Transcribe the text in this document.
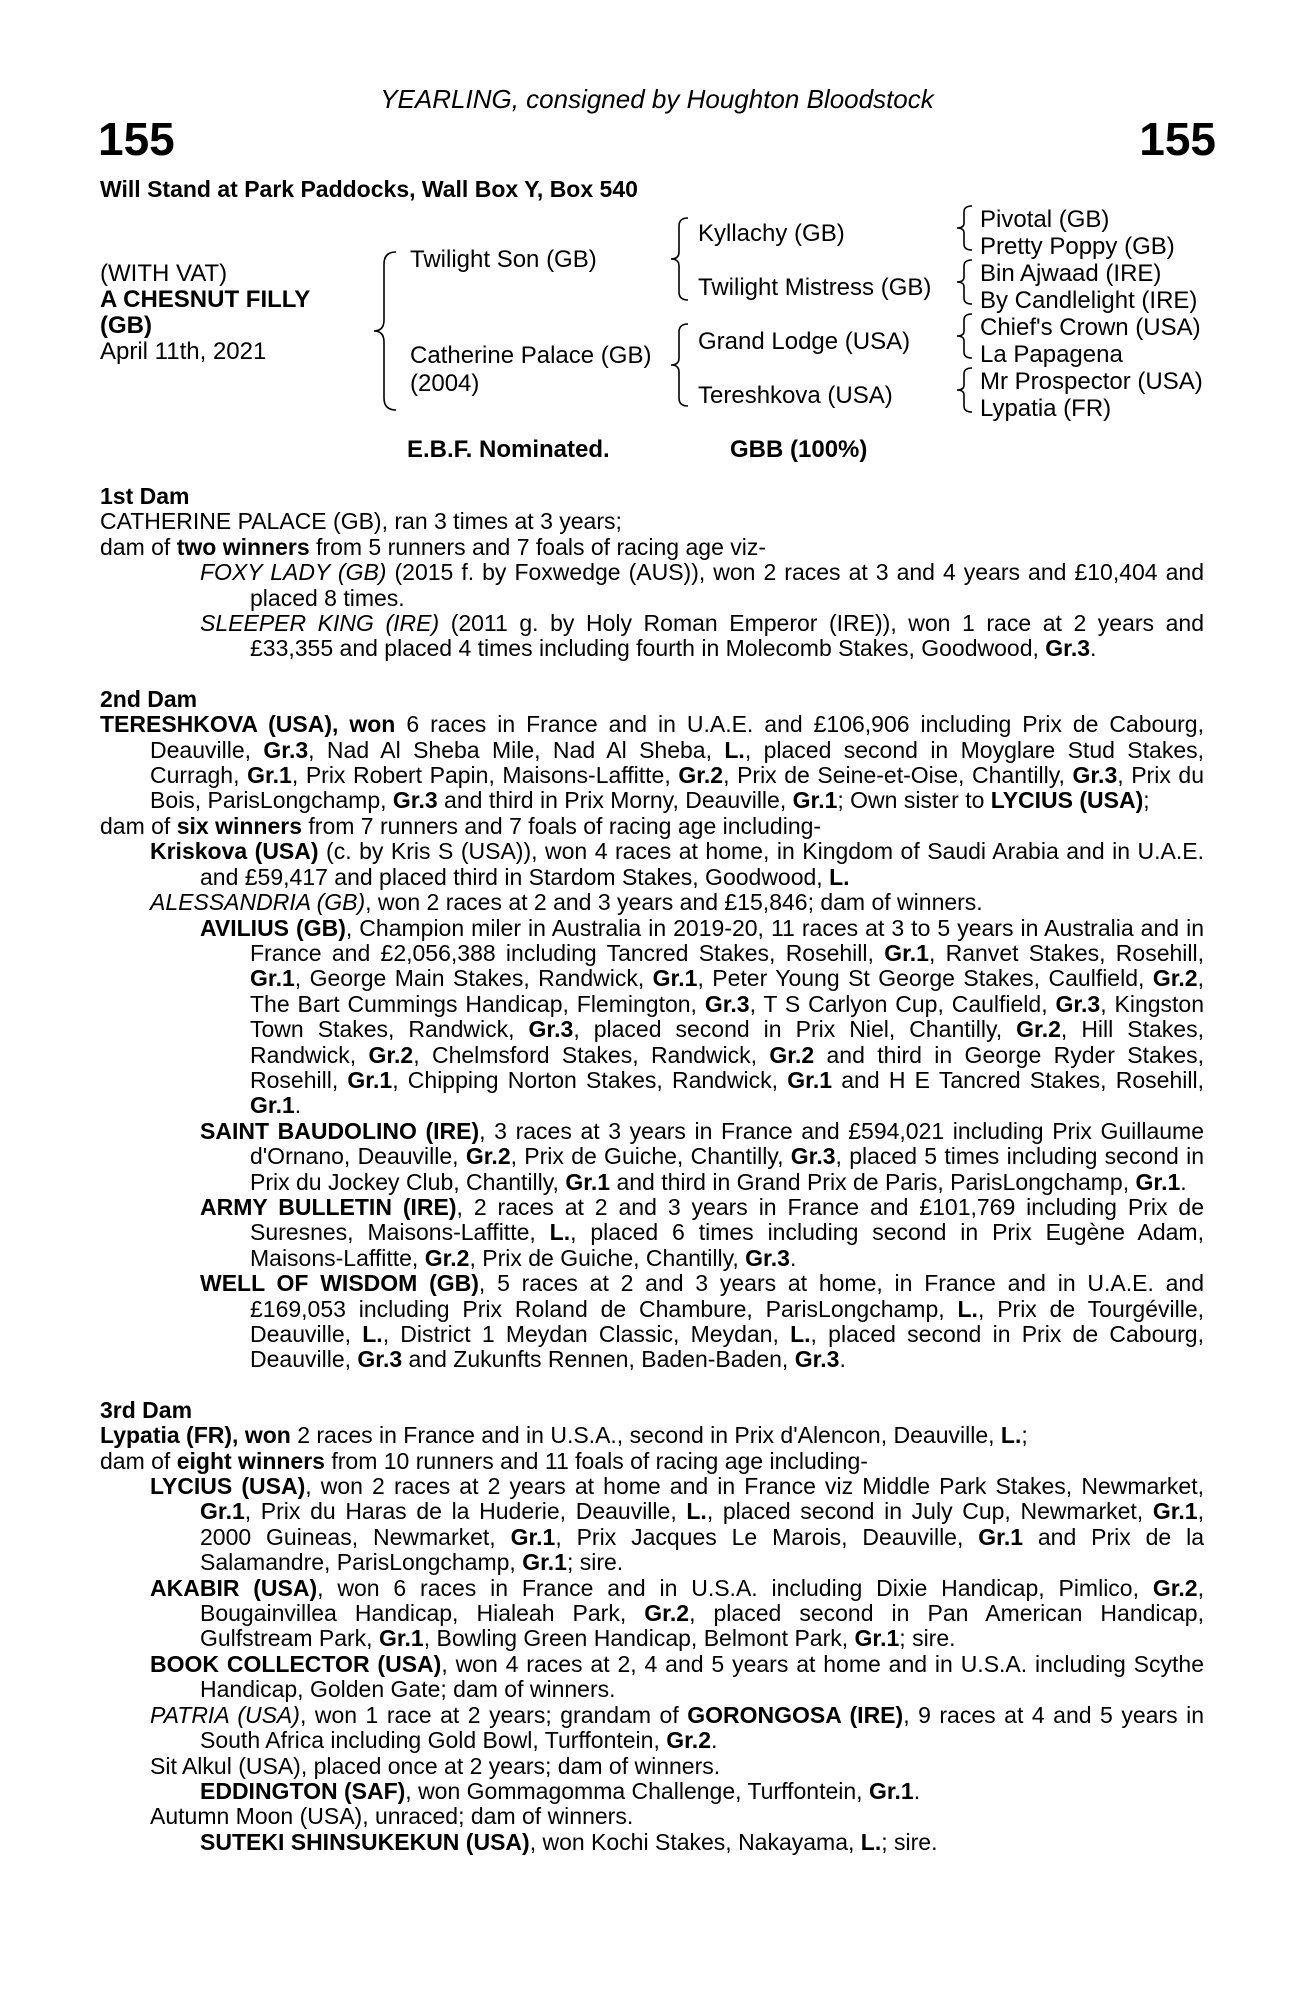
YEARLING, consigned by Houghton Bloodstock
155	155
Will Stand at Park Paddocks, Wall Box Y, Box 540
(WITH VAT)
A CHESNUT FILLY
(GB)
April 11th, 2021
Twilight Son (GB)
Catherine Palace (GB)
(2004)
Kyllachy (GB)
Twilight Mistress (GB)
Grand Lodge (USA)
Tereshkova (USA)
Pivotal (GB)
Pretty Poppy (GB)
Bin Ajwaad (IRE)
By Candlelight (IRE)
Chief's Crown (USA)
La Papagena
Mr Prospector (USA)
Lypatia (FR)
E.B.F. Nominated.	GBB (100%)

1st Dam

CATHERINE PALACE (GB), ran 3 times at 3 years;

dam of two winners from 5 runners and 7 foals of racing age viz-

FOXY LADY (GB) (2015 f. by Foxwedge (AUS)), won 2 races at 3 and 4 years and £10,404 and placed 8 times.

SLEEPER KING (IRE) (2011 g. by Holy Roman Emperor (IRE)), won 1 race at 2 years and £33,355 and placed 4 times including fourth in Molecomb Stakes, Goodwood, Gr.3.

2nd Dam

TERESHKOVA (USA), won 6 races in France and in U.A.E. and £106,906 including Prix de Cabourg, Deauville, Gr.3, Nad Al Sheba Mile, Nad Al Sheba, L., placed second in Moyglare Stud Stakes, Curragh, Gr.1, Prix Robert Papin, Maisons-Laffitte, Gr.2, Prix de Seine-et-Oise, Chantilly, Gr.3, Prix du Bois, ParisLongchamp, Gr.3 and third in Prix Morny, Deauville, Gr.1; Own sister to LYCIUS (USA);

dam of six winners from 7 runners and 7 foals of racing age including-

Kriskova (USA) (c. by Kris S (USA)), won 4 races at home, in Kingdom of Saudi Arabia and in U.A.E. and £59,417 and placed third in Stardom Stakes, Goodwood, L.

ALESSANDRIA (GB), won 2 races at 2 and 3 years and £15,846; dam of winners.

AVILIUS (GB), Champion miler in Australia in 2019-20, 11 races at 3 to 5 years in Australia and in France and £2,056,388 including Tancred Stakes, Rosehill, Gr.1, Ranvet Stakes, Rosehill, Gr.1, George Main Stakes, Randwick, Gr.1, Peter Young St George Stakes, Caulfield, Gr.2, The Bart Cummings Handicap, Flemington, Gr.3, T S Carlyon Cup, Caulfield, Gr.3, Kingston Town Stakes, Randwick, Gr.3, placed second in Prix Niel, Chantilly, Gr.2, Hill Stakes, Randwick, Gr.2, Chelmsford Stakes, Randwick, Gr.2 and third in George Ryder Stakes, Rosehill, Gr.1, Chipping Norton Stakes, Randwick, Gr.1 and H E Tancred Stakes, Rosehill, Gr.1.

SAINT BAUDOLINO (IRE), 3 races at 3 years in France and £594,021 including Prix Guillaume d'Ornano, Deauville, Gr.2, Prix de Guiche, Chantilly, Gr.3, placed 5 times including second in Prix du Jockey Club, Chantilly, Gr.1 and third in Grand Prix de Paris, ParisLongchamp, Gr.1.

ARMY BULLETIN (IRE), 2 races at 2 and 3 years in France and £101,769 including Prix de Suresnes, Maisons-Laffitte, L., placed 6 times including second in Prix Eugène Adam, Maisons-Laffitte, Gr.2, Prix de Guiche, Chantilly, Gr.3.

WELL OF WISDOM (GB), 5 races at 2 and 3 years at home, in France and in U.A.E. and £169,053 including Prix Roland de Chambure, ParisLongchamp, L., Prix de Tourgéville, Deauville, L., District 1 Meydan Classic, Meydan, L., placed second in Prix de Cabourg, Deauville, Gr.3 and Zukunfts Rennen, Baden-Baden, Gr.3.

3rd Dam

Lypatia (FR), won 2 races in France and in U.S.A., second in Prix d'Alencon, Deauville, L.;

dam of eight winners from 10 runners and 11 foals of racing age including-

LYCIUS (USA), won 2 races at 2 years at home and in France viz Middle Park Stakes, Newmarket, Gr.1, Prix du Haras de la Huderie, Deauville, L., placed second in July Cup, Newmarket, Gr.1, 2000 Guineas, Newmarket, Gr.1, Prix Jacques Le Marois, Deauville, Gr.1 and Prix de la Salamandre, ParisLongchamp, Gr.1; sire.

AKABIR (USA), won 6 races in France and in U.S.A. including Dixie Handicap, Pimlico, Gr.2, Bougainvillea Handicap, Hialeah Park, Gr.2, placed second in Pan American Handicap, Gulfstream Park, Gr.1, Bowling Green Handicap, Belmont Park, Gr.1; sire.

BOOK COLLECTOR (USA), won 4 races at 2, 4 and 5 years at home and in U.S.A. including Scythe Handicap, Golden Gate; dam of winners.

PATRIA (USA), won 1 race at 2 years; grandam of GORONGOSA (IRE), 9 races at 4 and 5 years in South Africa including Gold Bowl, Turffontein, Gr.2.

Sit Alkul (USA), placed once at 2 years; dam of winners.

EDDINGTON (SAF), won Gommagomma Challenge, Turffontein, Gr.1.

Autumn Moon (USA), unraced; dam of winners.

SUTEKI SHINSUKEKUN (USA), won Kochi Stakes, Nakayama, L.; sire.
